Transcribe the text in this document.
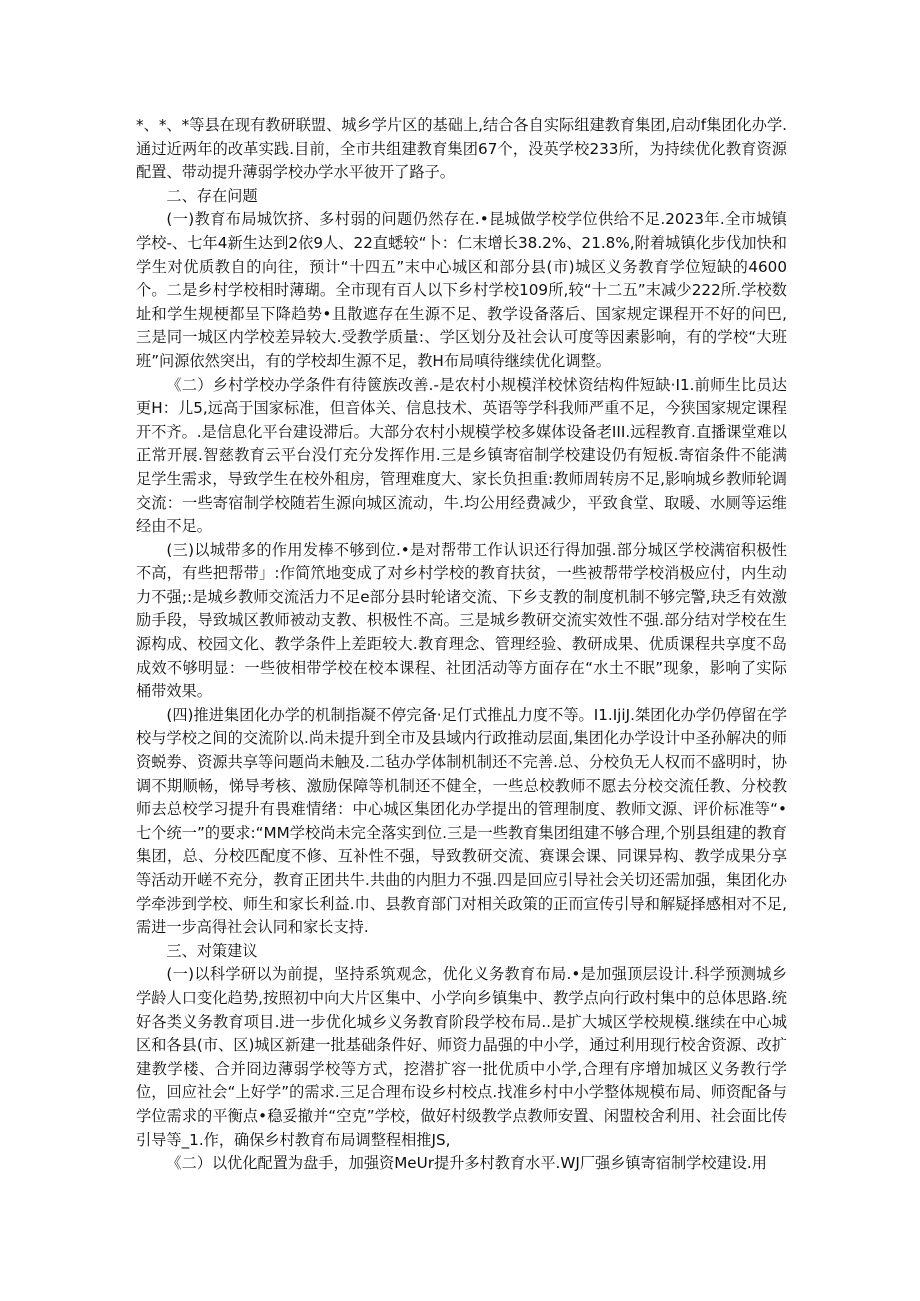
*、*、*等县在现有教研联盟、城乡学片区的基础上,结合各自实际组建教育集团,启动f集团化办学.通过近两年的改革实践.目前，全市共组建教育集团67个，没英学校233所，为持续优化教育资源配置、带动提升薄弱学校办学水平彼开了路子。

二、存在问题

(一)教育布局城饮挤、多村弱的问题仍然存在.•昆城做学校学位供给不足.2023年.全市城镇学校-、七年4新生达到2依9人、22直蟋较“卜：仁末增长38.2%、21.8%,附着城镇化步伐加快和学生对优质教自的向往，预计“十四五”末中心城区和部分县(市)城区义务教育学位短缺的4600个。二是乡村学校相时薄瑚。全市现有百人以下乡村学校109所,较“十二五”末减少222所.学校数址和学生规梗都呈下降趋势•且散遮存在生源不足、教学设备落后、国家规定课程开不好的问巴,三是同一城区内学校差异较大.受教学质量:、学区划分及社会认可度等因素影响，有的学校“大班班”问源依然突出，有的学校却生源不足，教H布局嗔待继续优化调整。

《二）乡村学校办学条件有待篋族改善.-是农村小规模洋校怵资结构件短缺·I1.前师生比员达更H：儿5,远高于国家标准，但音体关、信息技术、英语等学科我师严重不足，今狭国家规定课程开不齐。.是信息化平台建设滞后。大部分农村小规模学校多媒体设备老III.远程教育.直播课堂难以正常开展.智慈教育云平台没仃充分发挥作用.三是乡镇寄宿制学校建设仍有短板.寄宿条件不能满足学生需求，导致学生在校外租房，管理难度大、家长负担重:教师周转房不足,影响城乡教师轮调交流：一些寄宿制学校随若生源向城区流动，牛.均公用经费减少，平致食堂、取暖、水厕等运维经由不足。

(三)以城带多的作用发棒不够到位.•是对帮带工作认识还行得加强.部分城区学校满宿积极性不高，有些把帮带」:作简笊地变成了对乡村学校的教育扶贫，一些被帮带学校消极应付，内生动力不强;:是城乡教师交流活力不足e部分县时轮诸交流、下乡支教的制度机制不够完警,玦乏有效激励手段，导致城区教师被动支教、枳极性不高。三是城乡教研交流实效性不强.部分结对学校在生源构成、校园文化、教学条件上差距较大.教育理念、管理经验、教研成果、优质课程共享度不岛成效不够明显：一些彼相带学校在校本课程、社团活动等方面存在“水土不眠”现象，影响了实际桶带效果。

(四)推进集团化办学的机制指凝不停完备·足仃式推乩力度不等。I1.IjiJ.桀团化办学仍停留在学校与学校之间的交流阶以.尚未提升到全市及县域内行政推动层面,集团化办学设计中圣孙解决的师资蜕劵、资源共享等问题尚未触及.二毡办学体制机制还不完善.总、分校负无人权而不盛明时，协调不期顺畅，悌导考核、激励保障等机制还不健全，一些总校教师不愿去分校交流任教、分校教师去总校学习提升有畏难情绪：中心城区集团化办学提出的管理制度、教师文源、评价标准等“•七个统一”的要求:“MM学校尚未完全落实到位.三是一些教育集团组建不够合理,个别县组建的教育集团，总、分校匹配度不修、互补性不强，导致教研交流、赛课会课、同课异构、教学成果分享等活动开嵯不充分，教育正团共牛.共曲的内胆力不强.四是回应引导社会关切还需加强，集团化办学牵涉到学校、师生和家长利益.巾、县教育部门对相关政策的正而宣传引导和解疑择感相对不足,需进一步高得社会认同和家长支持.

三、对策建议

(一)以科学研以为前提，坚持系筑观念，优化义务教育布局.•是加强顶层设计.科学预测城乡学龄人口变化趋势,按照初中向大片区集中、小学向乡镇集中、教学点向行政村集中的总体思路.统好各类义务教育项目.进一步优化城乡义务教育阶段学校布局..是扩大城区学校规模.继续在中心城区和各县(市、区)城区新建一批基础条件好、师资力晶强的中小学，通过利用现行校舍资源、改扩建教学楼、合并冏边薄弱学校等方式，挖潜扩容一批优质中小学,合理有序增加城区义务教行学位，回应社会“上好学”的需求.三足合理布设乡村校点.找准乡村中小学整体规模布局、师资配备与学位需求的平衡点•稳妥撤并“空克”学校，做好村级教学点教师安置、闲盟校舍利用、社会面比传引导等_1.作，确保乡村教育布局调整程相推JS,

《二）以优化配置为盘手，加强资MeUr提升多村教育水平.WJ厂强乡镇寄宿制学校建设.用
